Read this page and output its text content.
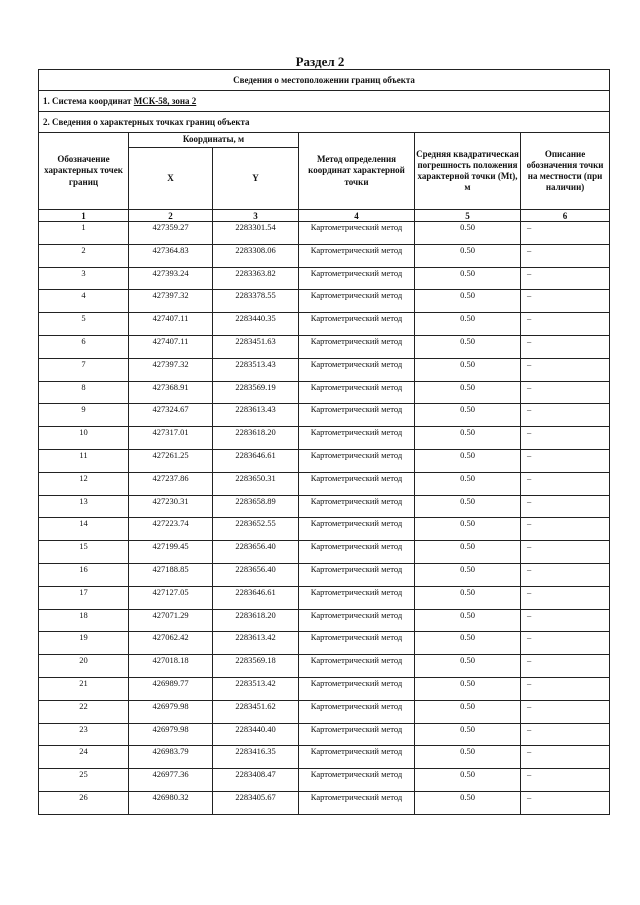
Раздел 2
Сведения о местоположении границ объекта					
1. Система координат МСК-58, зона 2					
2. Сведения о характерных точках границ объекта					
Обозначение характерных точек границ	Координаты, м		Метод определения координат характерной точки	Средняя квадратическая погрешность положения характерной точки (Mt), м	Описание обозначения точки на местности (при наличии)
	X	Y			
1	2	3	4	5	6
1	427359.27	2283301.54	Картометрический метод	0.50	–
2	427364.83	2283308.06	Картометрический метод	0.50	–
3	427393.24	2283363.82	Картометрический метод	0.50	–
4	427397.32	2283378.55	Картометрический метод	0.50	–
5	427407.11	2283440.35	Картометрический метод	0.50	–
6	427407.11	2283451.63	Картометрический метод	0.50	–
7	427397.32	2283513.43	Картометрический метод	0.50	–
8	427368.91	2283569.19	Картометрический метод	0.50	–
9	427324.67	2283613.43	Картометрический метод	0.50	–
10	427317.01	2283618.20	Картометрический метод	0.50	–
11	427261.25	2283646.61	Картометрический метод	0.50	–
12	427237.86	2283650.31	Картометрический метод	0.50	–
13	427230.31	2283658.89	Картометрический метод	0.50	–
14	427223.74	2283652.55	Картометрический метод	0.50	–
15	427199.45	2283656.40	Картометрический метод	0.50	–
16	427188.85	2283656.40	Картометрический метод	0.50	–
17	427127.05	2283646.61	Картометрический метод	0.50	–
18	427071.29	2283618.20	Картометрический метод	0.50	–
19	427062.42	2283613.42	Картометрический метод	0.50	–
20	427018.18	2283569.18	Картометрический метод	0.50	–
21	426989.77	2283513.42	Картометрический метод	0.50	–
22	426979.98	2283451.62	Картометрический метод	0.50	–
23	426979.98	2283440.40	Картометрический метод	0.50	–
24	426983.79	2283416.35	Картометрический метод	0.50	–
25	426977.36	2283408.47	Картометрический метод	0.50	–
26	426980.32	2283405.67	Картометрический метод	0.50	–
